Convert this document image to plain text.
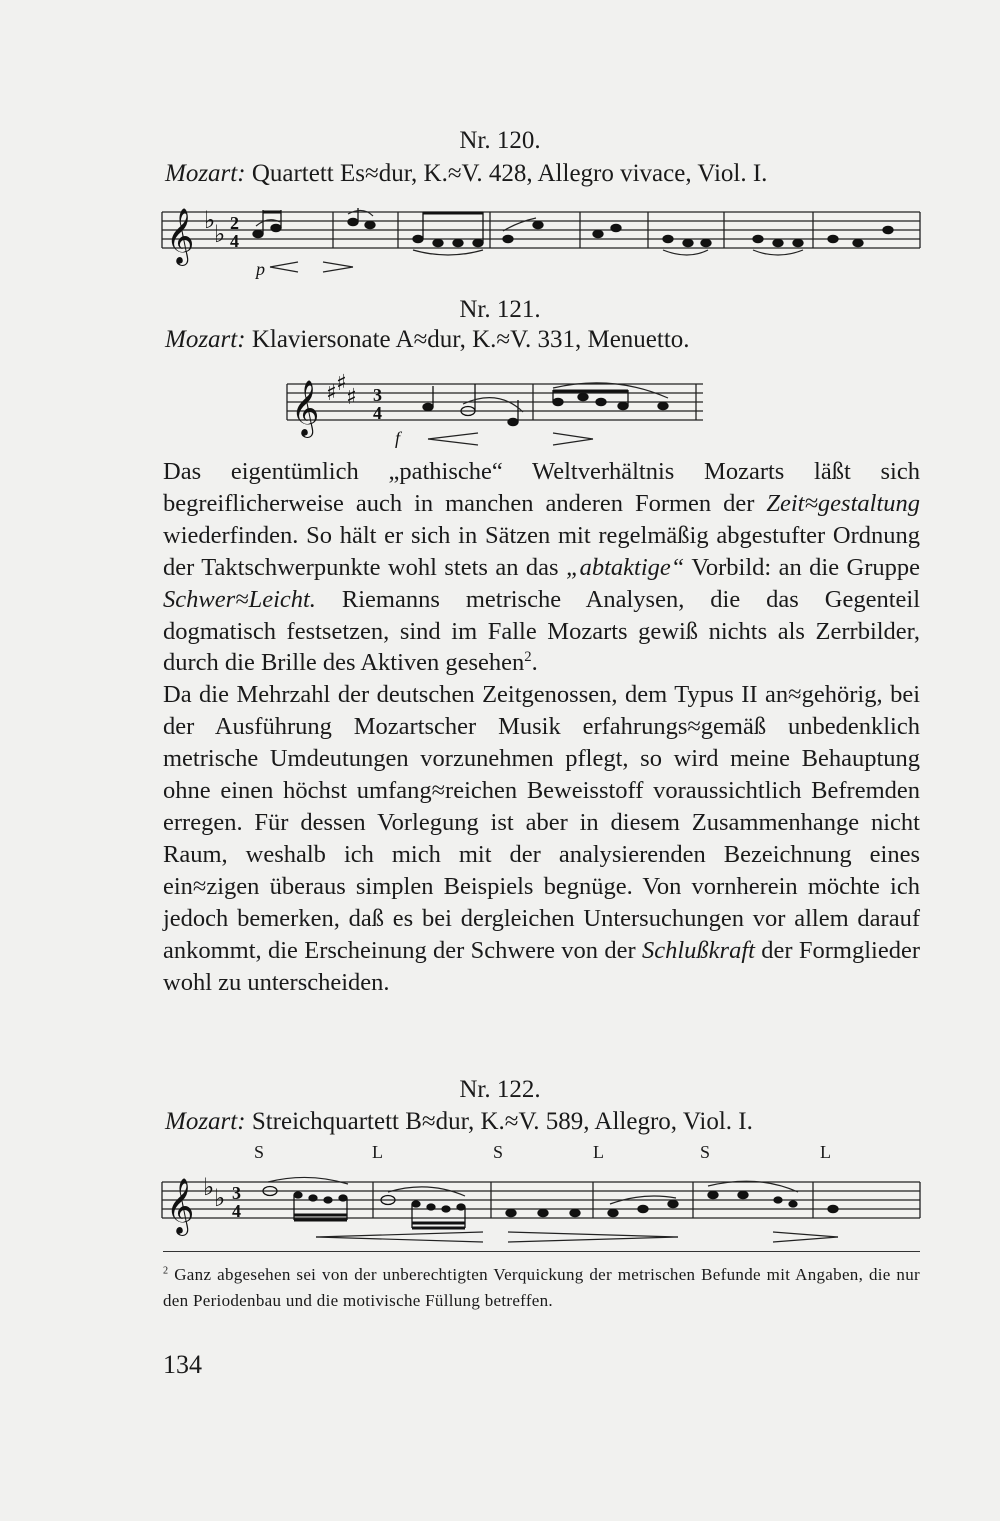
Nr. 120.
Mozart: Quartett Es≈dur, K.≈V. 428, Allegro vivace, Viol. I.
𝄞 ♭
♭ 2
4
p
Nr. 121.
Mozart: Klaviersonate A≈dur, K.≈V. 331, Menuetto.
𝄞 ♯ ♯
♯ 3
4
f

Das eigentümlich „pathische“ Weltverhältnis Mozarts läßt sich begreiflicherweise auch in manchen anderen Formen der Zeit≈gestaltung wiederfinden. So hält er sich in Sätzen mit regelmäßig abgestufter Ordnung der Taktschwerpunkte wohl stets an das „abtaktige“ Vorbild: an die Gruppe Schwer≈Leicht. Riemanns metrische Analysen, die das Gegenteil dogmatisch festsetzen, sind im Falle Mozarts gewiß nichts als Zerrbilder, durch die Brille des Aktiven gesehen$^2$.

Da die Mehrzahl der deutschen Zeitgenossen, dem Typus II an≈gehörig, bei der Ausführung Mozartscher Musik erfahrungs≈gemäß unbedenklich metrische Umdeutungen vorzunehmen pflegt, so wird meine Behauptung ohne einen höchst umfang≈reichen Beweisstoff voraussichtlich Befremden erregen. Für dessen Vorlegung ist aber in diesem Zusammenhange nicht Raum, weshalb ich mich mit der analysierenden Bezeichnung eines ein≈zigen überaus simplen Beispiels begnüge. Von vornherein möchte ich jedoch bemerken, daß es bei dergleichen Untersuchungen vor allem darauf ankommt, die Erscheinung der Schwere von der Schlußkraft der Formglieder wohl zu unterscheiden.

Nr. 122.
Mozart: Streichquartett B≈dur, K.≈V. 589, Allegro, Viol. I.
S	L	S	L	S	L
𝄞 ♭ ♭ 3
4
$^2$ Ganz abgesehen sei von der unberechtigten Verquickung der metrischen Befunde mit Angaben, die nur den Periodenbau und die motivische Füllung betreffen.
134
